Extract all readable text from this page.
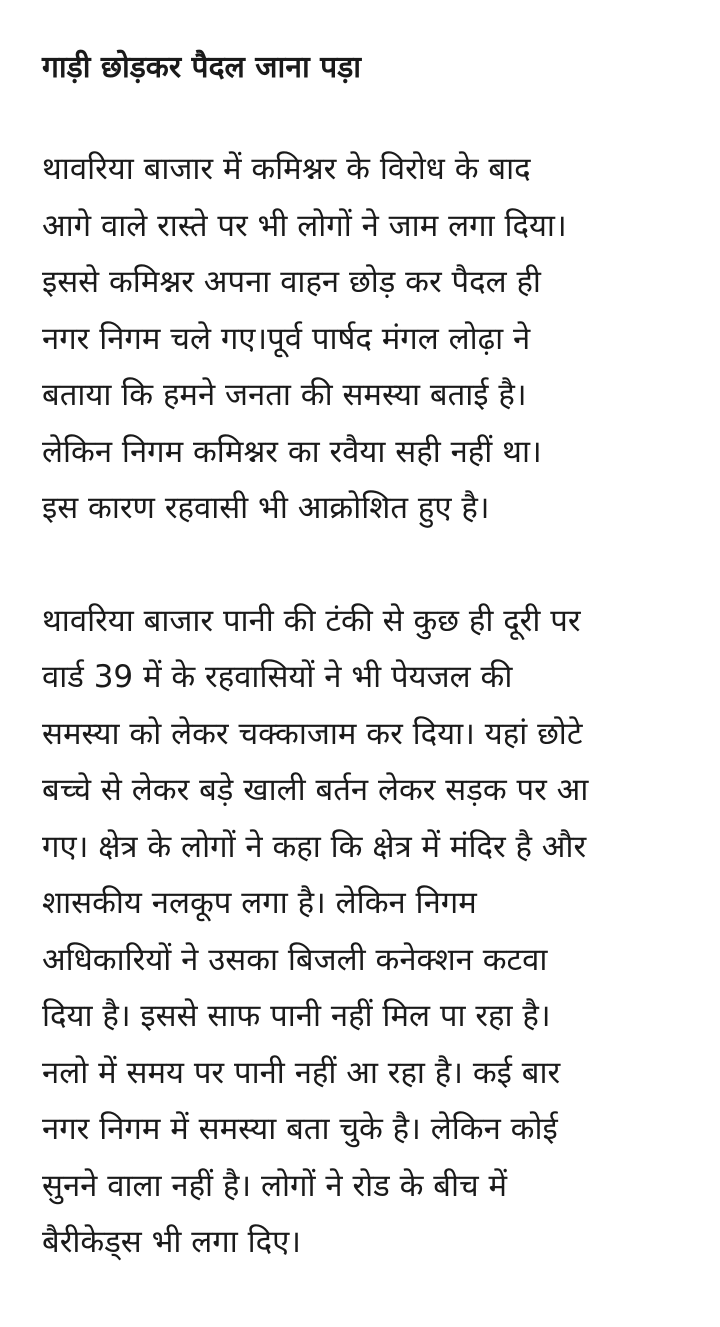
गाड़ी छोड़कर पैदल जाना पड़ा
थावरिया बाजार में कमिश्नर के विरोध के बाद
आगे वाले रास्ते पर भी लोगों ने जाम लगा दिया।
इससे कमिश्नर अपना वाहन छोड़ कर पैदल ही
नगर निगम चले गए।पूर्व पार्षद मंगल लोढ़ा ने
बताया कि हमने जनता की समस्या बताई है।
लेकिन निगम कमिश्नर का रवैया सही नहीं था।
इस कारण रहवासी भी आक्रोशित हुए है।
थावरिया बाजार पानी की टंकी से कुछ ही दूरी पर
वार्ड 39 में के रहवासियों ने भी पेयजल की
समस्या को लेकर चक्काजाम कर दिया। यहां छोटे
बच्चे से लेकर बड़े खाली बर्तन लेकर सड़क पर आ
गए। क्षेत्र के लोगों ने कहा कि क्षेत्र में मंदिर है और
शासकीय नलकूप लगा है। लेकिन निगम
अधिकारियों ने उसका बिजली कनेक्शन कटवा
दिया है। इससे साफ पानी नहीं मिल पा रहा है।
नलो में समय पर पानी नहीं आ रहा है। कई बार
नगर निगम में समस्या बता चुके है। लेकिन कोई
सुनने वाला नहीं है। लोगों ने रोड के बीच में
बैरीकेड्स भी लगा दिए।
